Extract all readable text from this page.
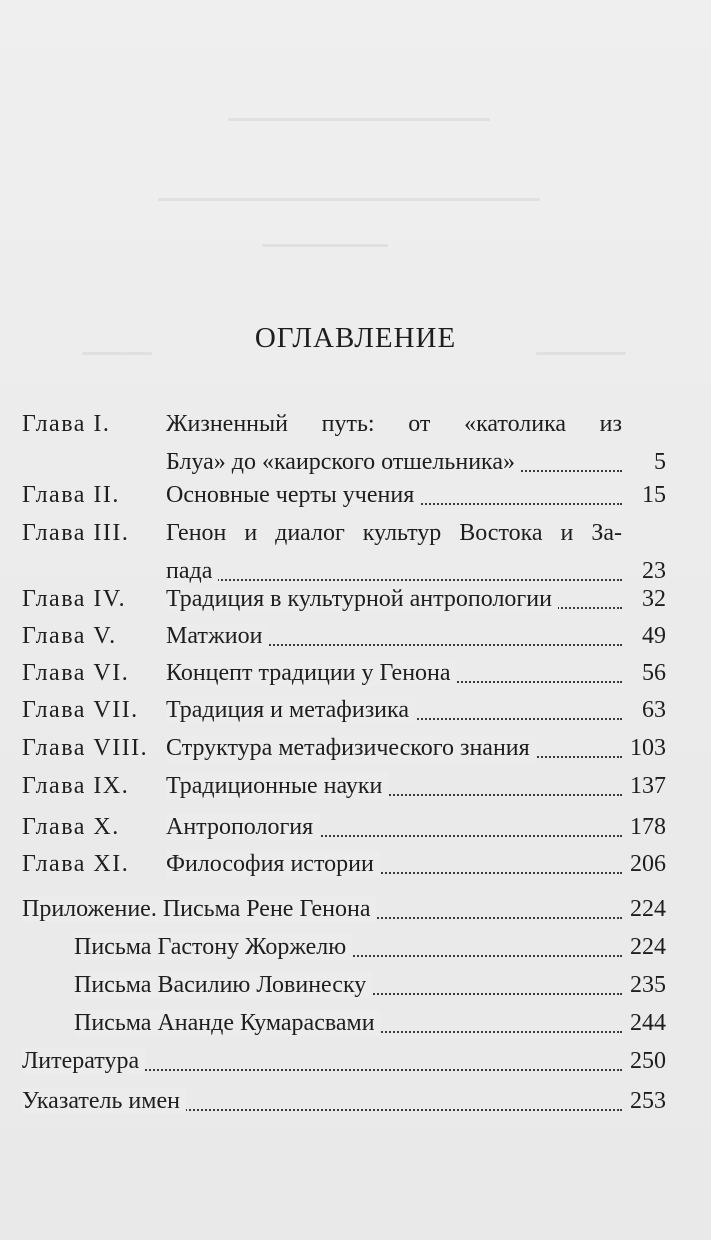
ОГЛАВЛЕНИЕ
Глава I. Жизненный путь: от «католика из
Блуа» до «каирского отшельника»	5
Глава II. Основные черты учения	15
Глава III. Генон и диалог культур Востока и За-
пада	23
Глава IV. Традиция в культурной антропологии	32
Глава V. Матжиои	49
Глава VI. Концепт традиции у Генона	56
Глава VII. Традиция и метафизика	63
Глава VIII. Структура метафизического знания	103
Глава IX. Традиционные науки	137
Глава X. Антропология	178
Глава XI. Философия истории	206
Приложение. Письма Рене Генона	224
Письма Гастону Жоржелю	224
Письма Василию Ловинеску	235
Письма Ананде Кумарасвами	244
Литература	250
Указатель имен	253
